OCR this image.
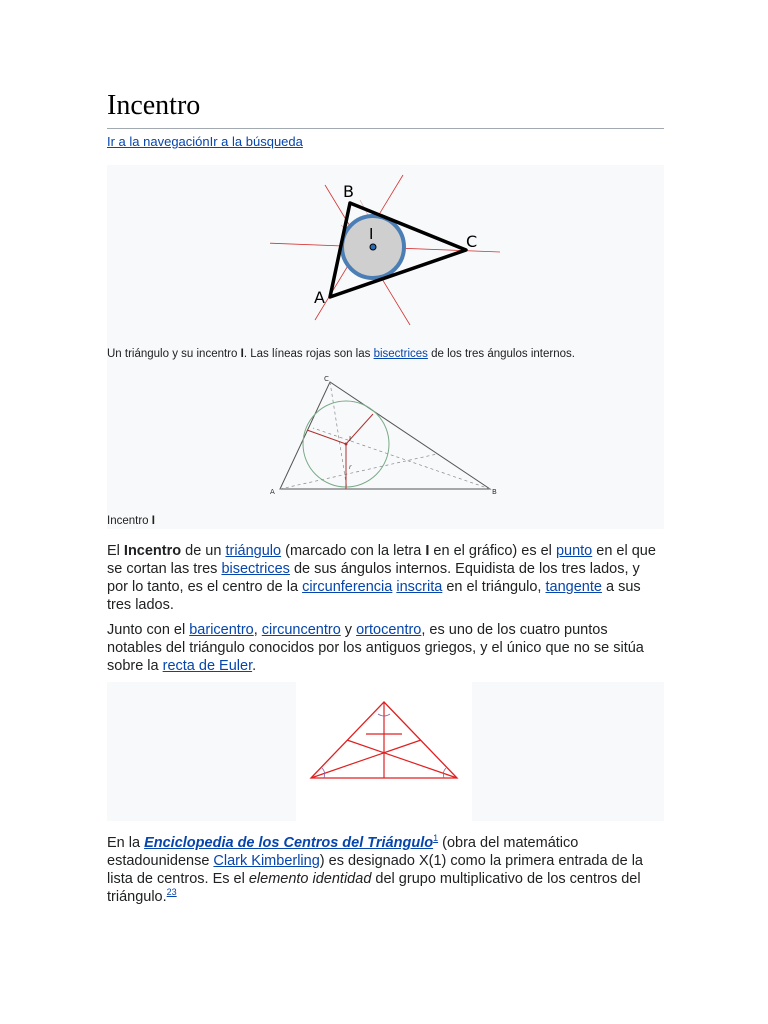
Incentro
Ir a la navegaciónIr a la búsqueda
B
C
A
I
Un triángulo y su incentro I. Las líneas rojas son las bisectrices de los tres ángulos internos.
C
A	B
I
r
Incentro I

El Incentro de un triángulo (marcado con la letra I en el gráfico) es el punto en el que se cortan las tres bisectrices de sus ángulos internos. Equidista de los tres lados, y por lo tanto, es el centro de la circunferencia inscrita en el triángulo, tangente a sus tres lados.

Junto con el baricentro, circuncentro y ortocentro, es uno de los cuatro puntos notables del triángulo conocidos por los antiguos griegos, y el único que no se sitúa sobre la recta de Euler.

En la Enciclopedia de los Centros del Triángulo$^1$ (obra del matemático estadounidense Clark Kimberling) es designado X(1) como la primera entrada de la lista de centros. Es el elemento identidad del grupo multiplicativo de los centros del triángulo.$^{23}$
